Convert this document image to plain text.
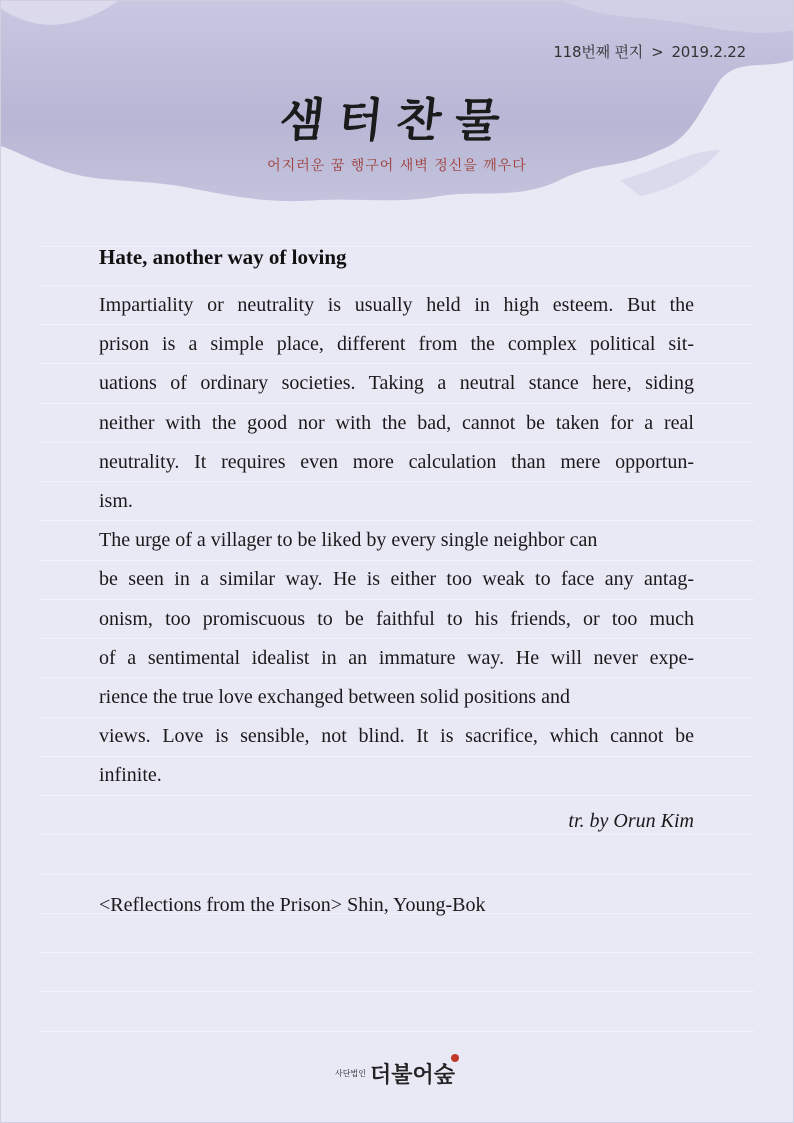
118번째 편지 > 2019.2.22
샘터찬물
어지러운 꿈 행구어 새벽 정신을 깨우다
Hate, another way of loving
Impartiality or neutrality is usually held in high esteem. But the
prison is a simple place, different from the complex political sit-
uations of ordinary societies. Taking a neutral stance here, siding
neither with the good nor with the bad, cannot be taken for a real
neutrality. It requires even more calculation than mere opportun-
ism.
The urge of a villager to be liked by every single neighbor can
be seen in a similar way. He is either too weak to face any antag-
onism, too promiscuous to be faithful to his friends, or too much
of a sentimental idealist in an immature way. He will never expe-
rience the true love exchanged between solid positions and
views. Love is sensible, not blind. It is sacrifice, which cannot be
infinite.
tr. by Orun Kim
<Reflections from the Prison> Shin, Young-Bok
사단법인 더불어숲
